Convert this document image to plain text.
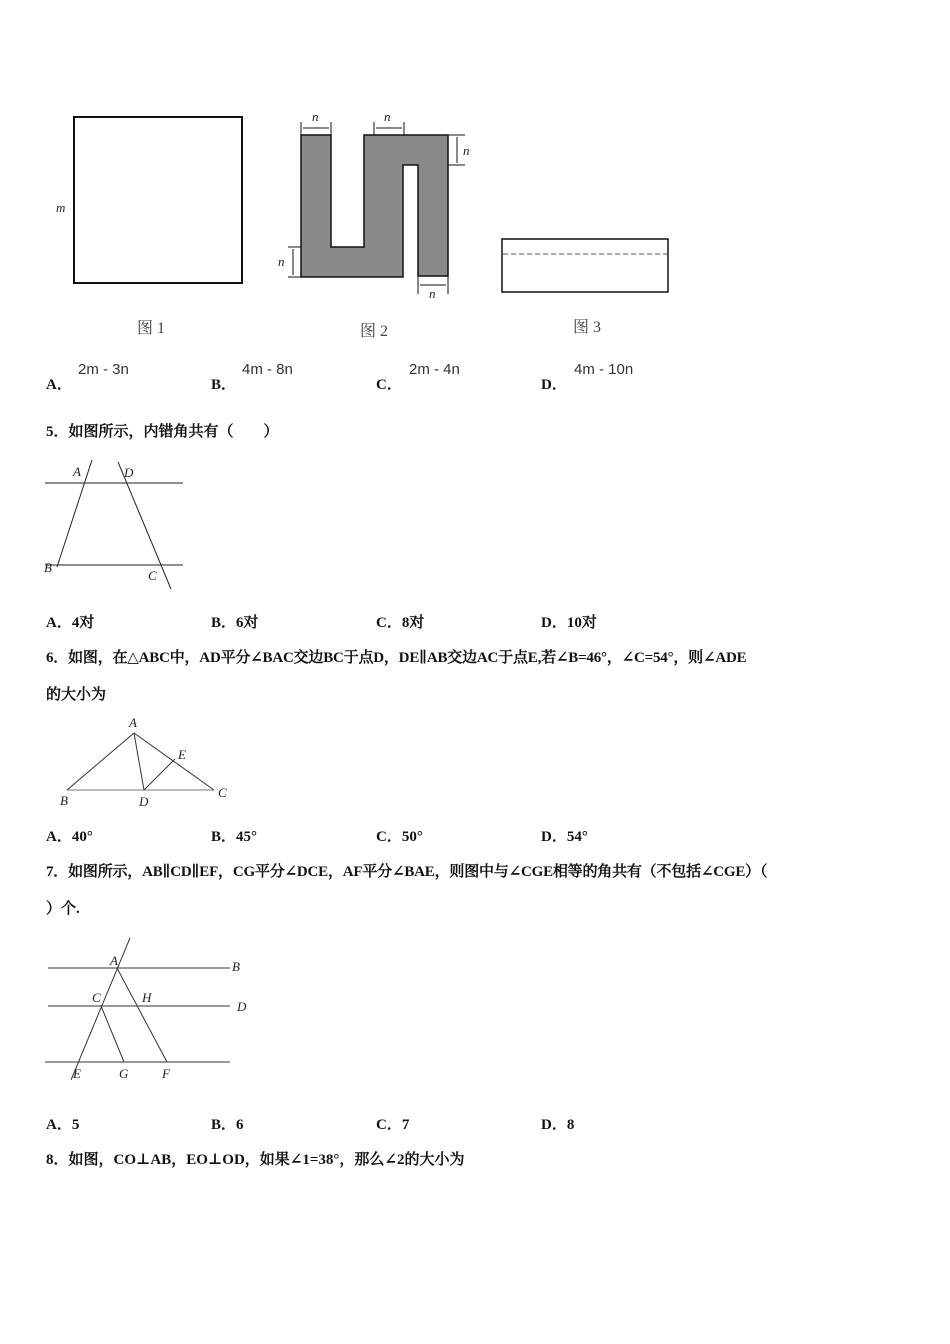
m
n	n
n
n
n
A	D
B
C
A
B	D
C
E
A	B
C	H
D
E	G	F
图 1	图 2	图 3
A．
2m - 3n
B．
4m - 8n
C．
2m - 4n
D．
4m - 10n
5．如图所示，内错角共有（　　）
A．4对	B．6对	C．8对	D．10对
6．如图，在△ABC中，AD平分∠BAC交边BC于点D，DE∥AB交边AC于点E,若∠B=46°，∠C=54°，则∠ADE
的大小为
A．40°	B．45°	C．50°	D．54°
7．如图所示，AB∥CD∥EF，CG平分∠DCE，AF平分∠BAE，则图中与∠CGE相等的角共有（不包括∠CGE）（
）个.
A．5	B．6	C．7	D．8
8．如图，CO⊥AB，EO⊥OD，如果∠1=38°，那么∠2的大小为
